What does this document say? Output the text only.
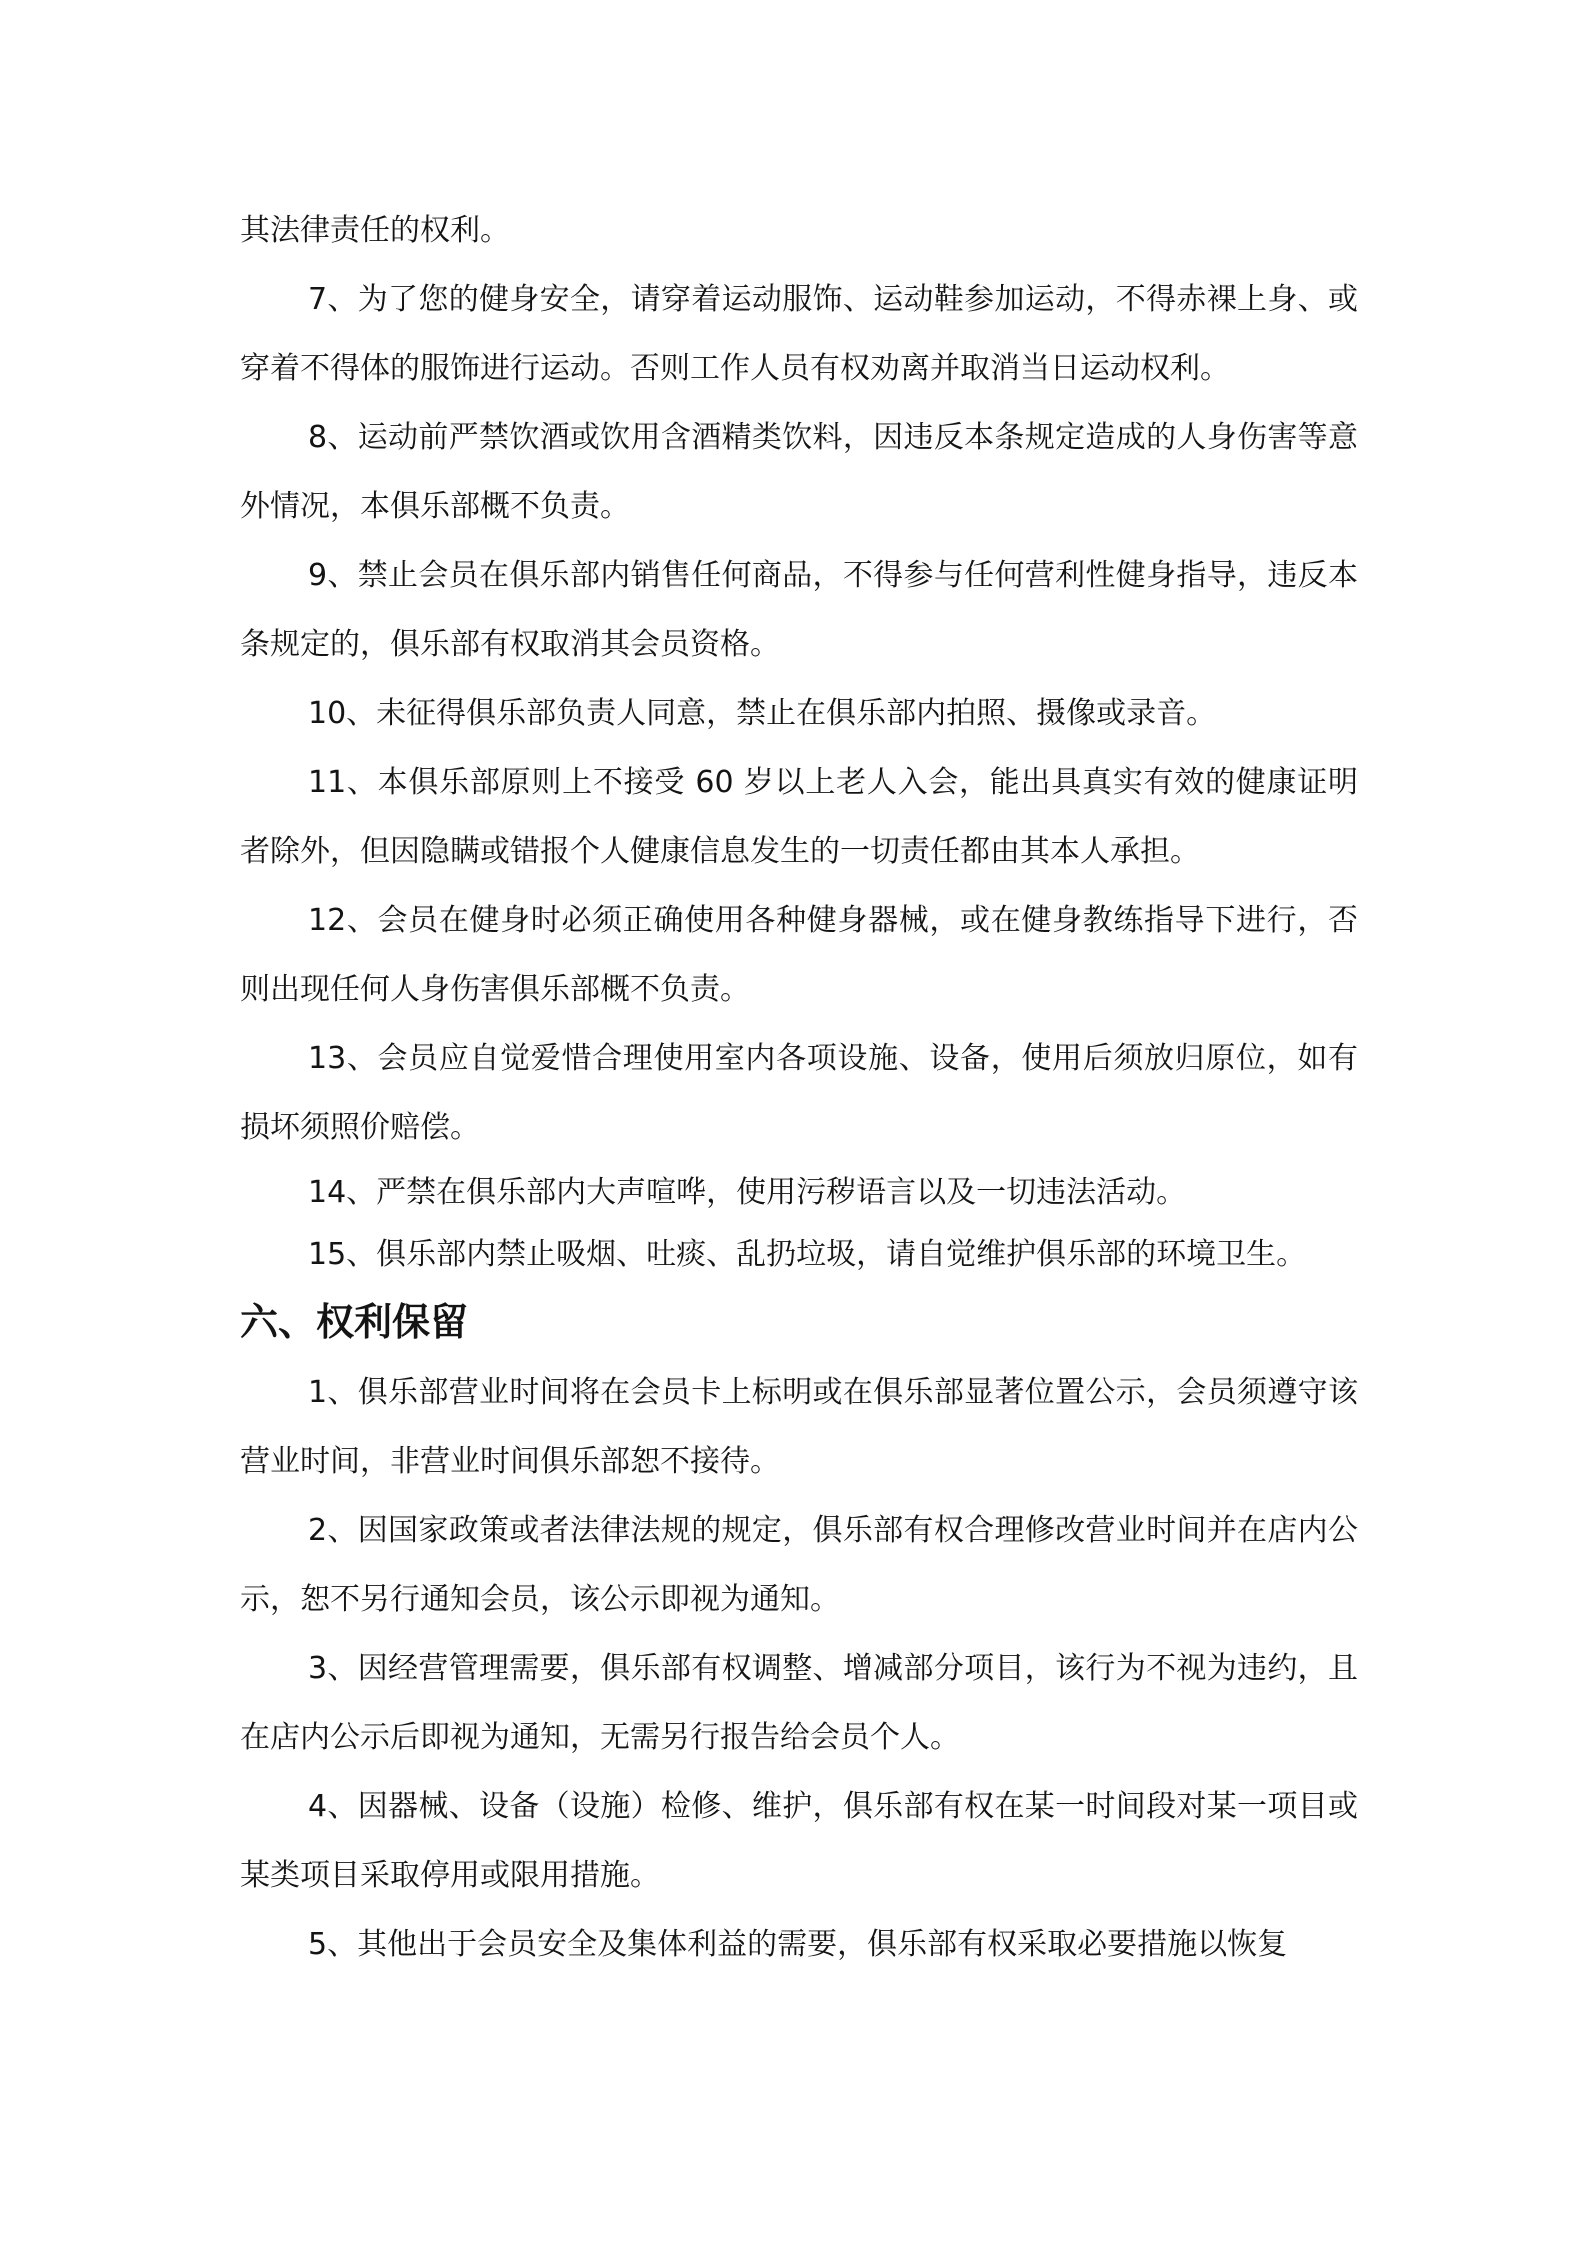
其法律责任的权利。

7、为了您的健身安全，请穿着运动服饰、运动鞋参加运动，不得赤裸上身、或穿着不得体的服饰进行运动。否则工作人员有权劝离并取消当日运动权利。

8、运动前严禁饮酒或饮用含酒精类饮料，因违反本条规定造成的人身伤害等意外情况，本俱乐部概不负责。

9、禁止会员在俱乐部内销售任何商品，不得参与任何营利性健身指导，违反本条规定的，俱乐部有权取消其会员资格。

10、未征得俱乐部负责人同意，禁止在俱乐部内拍照、摄像或录音。

11、本俱乐部原则上不接受 60 岁以上老人入会，能出具真实有效的健康证明者除外，但因隐瞒或错报个人健康信息发生的一切责任都由其本人承担。

12、会员在健身时必须正确使用各种健身器械，或在健身教练指导下进行，否则出现任何人身伤害俱乐部概不负责。

13、会员应自觉爱惜合理使用室内各项设施、设备，使用后须放归原位，如有损坏须照价赔偿。

14、严禁在俱乐部内大声喧哗，使用污秽语言以及一切违法活动。

15、俱乐部内禁止吸烟、吐痰、乱扔垃圾，请自觉维护俱乐部的环境卫生。

六、权利保留

1、俱乐部营业时间将在会员卡上标明或在俱乐部显著位置公示，会员须遵守该营业时间，非营业时间俱乐部恕不接待。

2、因国家政策或者法律法规的规定，俱乐部有权合理修改营业时间并在店内公示，恕不另行通知会员，该公示即视为通知。

3、因经营管理需要，俱乐部有权调整、增减部分项目，该行为不视为违约，且在店内公示后即视为通知，无需另行报告给会员个人。

4、因器械、设备（设施）检修、维护，俱乐部有权在某一时间段对某一项目或某类项目采取停用或限用措施。

5、其他出于会员安全及集体利益的需要，俱乐部有权采取必要措施以恢复
